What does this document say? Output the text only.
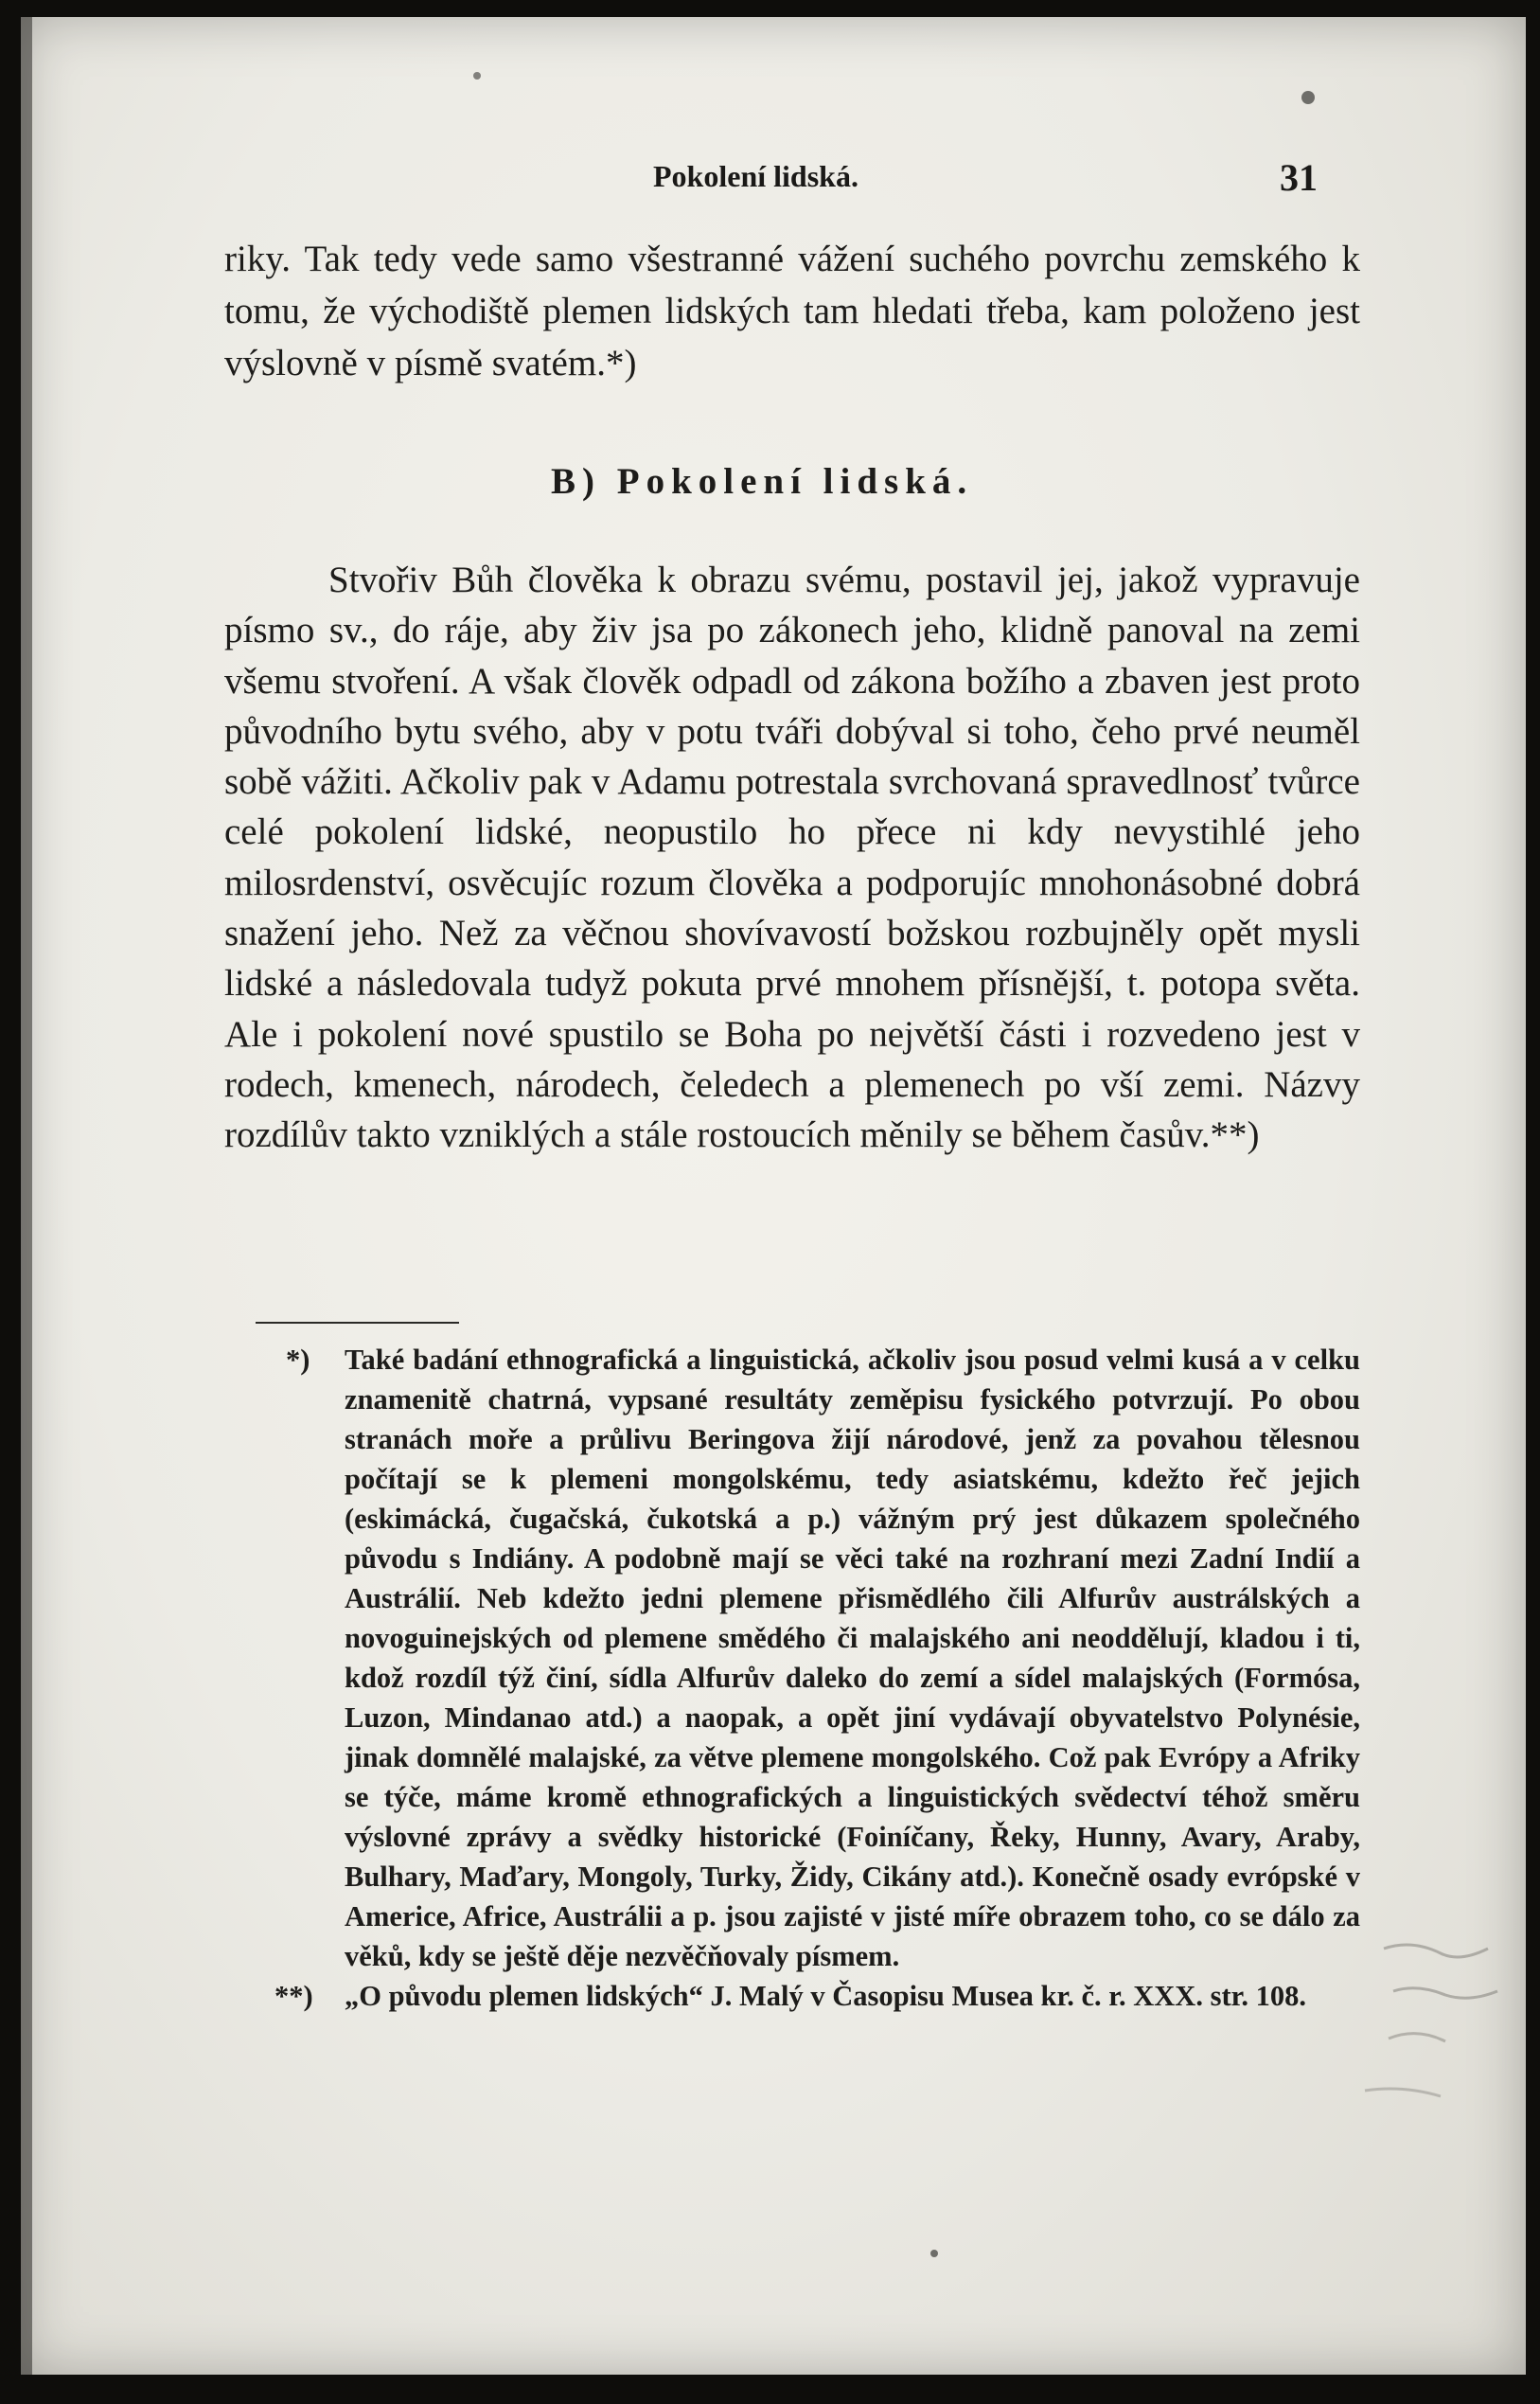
Pokolení lidská.	31

riky. Tak tedy vede samo všestranné vážení suchého povrchu zemského k tomu, že východiště plemen lidských tam hledati třeba, kam položeno jest výslovně v písmě svatém.*)

B) Pokolení lidská.
Stvořiv Bůh člověka k obrazu svému, postavil jej, jakož vypravuje písmo sv., do ráje, aby živ jsa po zákonech jeho, klidně panoval na zemi všemu stvoření. A však člověk odpadl od zákona božího a zbaven jest proto původního bytu svého, aby v potu tváři dobýval si toho, čeho prvé neuměl sobě vážiti. Ačkoliv pak v Adamu potrestala svrchovaná spravedlnosť tvůrce celé pokolení lidské, neopustilo ho přece ni kdy nevystihlé jeho milosrdenství, osvěcujíc rozum člověka a podporujíc mnohonásobné dobrá snažení jeho. Než za věčnou shovívavostí božskou rozbujněly opět mysli lidské a následovala tudyž pokuta prvé mnohem přísnější, t. potopa světa. Ale i pokolení nové spustilo se Boha po největší části i rozvedeno jest v rodech, kmenech, národech, čeledech a plemenech po vší zemi. Názvy rozdílův takto vzniklých a stále rostoucích měnily se během časův.**)
*) Také badání ethnografická a linguistická, ačkoliv jsou posud velmi kusá a v celku znamenitě chatrná, vypsané resultáty zeměpisu fysického potvrzují. Po obou stranách moře a průlivu Beringova žijí národové, jenž za povahou tělesnou počítají se k plemeni mongolskému, tedy asiatskému, kdežto řeč jejich (eskimácká, čugačská, čukotská a p.) vážným prý jest důkazem společného původu s Indiány. A podobně mají se věci také na rozhraní mezi Zadní Indií a Austrálií. Neb kdežto jedni plemene přismědlého čili Alfurův austrálských a novoguinejských od plemene smědého či malajského ani neoddělují, kladou i ti, kdož rozdíl týž činí, sídla Alfurův daleko do zemí a sídel malajských (Formósa, Luzon, Mindanao atd.) a naopak, a opět jiní vydávají obyvatelstvo Polynésie, jinak domnělé malajské, za větve plemene mongolského. Což pak Evrópy a Afriky se týče, máme kromě ethnografických a linguistických svědectví téhož směru výslovné zprávy a svědky historické (Foiníčany, Řeky, Hunny, Avary, Araby, Bulhary, Maďary, Mongoly, Turky, Židy, Cikány atd.). Konečně osady evrópské v Americe, Africe, Austrálii a p. jsou zajisté v jisté míře obrazem toho, co se dálo za věků, kdy se ještě děje nezvěčňovaly písmem.
**) „O původu plemen lidských“ J. Malý v Časopisu Musea kr. č. r. XXX. str. 108.
